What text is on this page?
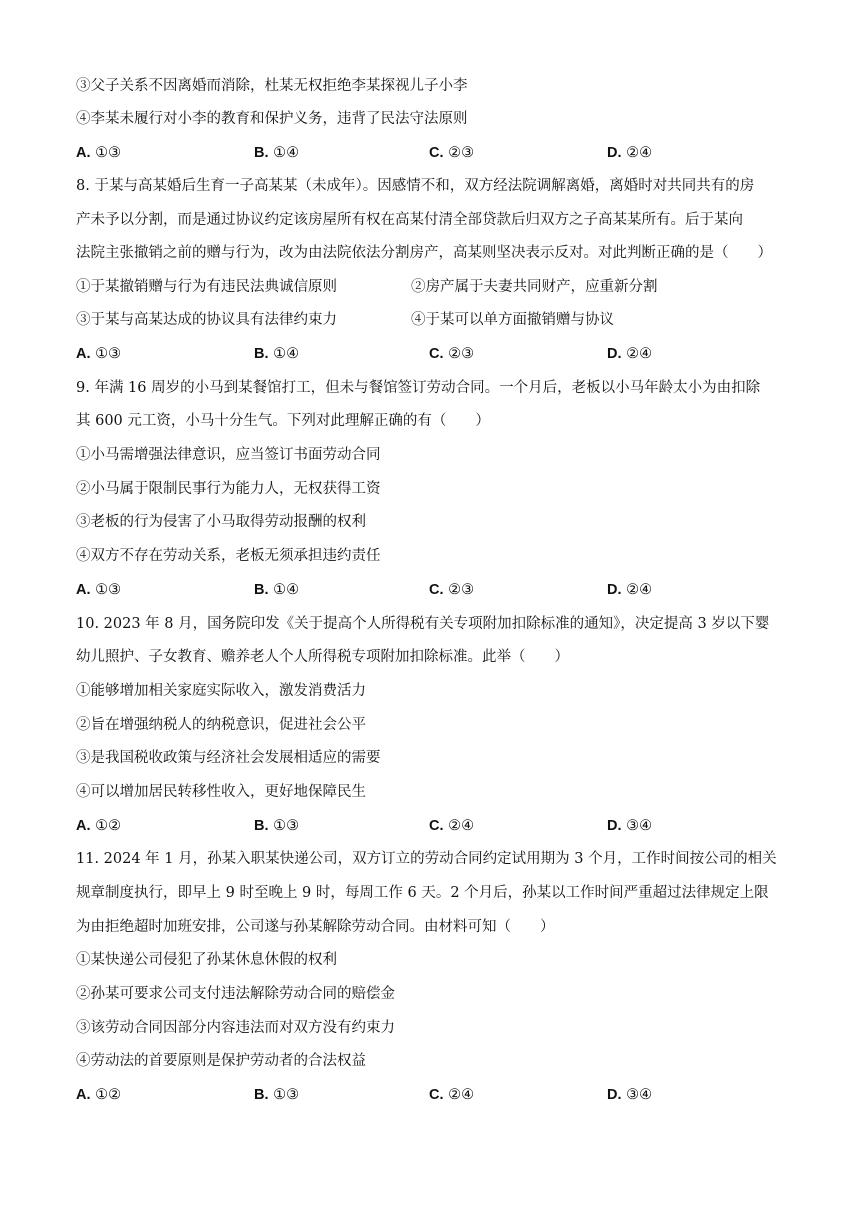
③父子关系不因离婚而消除，杜某无权拒绝李某探视儿子小李
④李某未履行对小李的教育和保护义务，违背了民法守法原则
A. ①③	B. ①④	C. ②③	D. ②④
8. 于某与高某婚后生育一子高某某（未成年）。因感情不和，双方经法院调解离婚，离婚时对共同共有的房
产未予以分割，而是通过协议约定该房屋所有权在高某付清全部贷款后归双方之子高某某所有。后于某向
法院主张撤销之前的赠与行为，改为由法院依法分割房产，高某则坚决表示反对。对此判断正确的是（　　）
①于某撤销赠与行为有违民法典诚信原则	②房产属于夫妻共同财产，应重新分割
③于某与高某达成的协议具有法律约束力	④于某可以单方面撤销赠与协议
A. ①③	B. ①④	C. ②③	D. ②④
9. 年满 16 周岁的小马到某餐馆打工，但未与餐馆签订劳动合同。一个月后，老板以小马年龄太小为由扣除
其 600 元工资，小马十分生气。下列对此理解正确的有（　　）
①小马需增强法律意识，应当签订书面劳动合同
②小马属于限制民事行为能力人，无权获得工资
③老板的行为侵害了小马取得劳动报酬的权利
④双方不存在劳动关系，老板无须承担违约责任
A. ①③	B. ①④	C. ②③	D. ②④
10. 2023 年 8 月，国务院印发《关于提高个人所得税有关专项附加扣除标准的通知》，决定提高 3 岁以下婴
幼儿照护、子女教育、赡养老人个人所得税专项附加扣除标准。此举（　　）
①能够增加相关家庭实际收入，激发消费活力
②旨在增强纳税人的纳税意识，促进社会公平
③是我国税收政策与经济社会发展相适应的需要
④可以增加居民转移性收入，更好地保障民生
A. ①②	B. ①③	C. ②④	D. ③④
11. 2024 年 1 月，孙某入职某快递公司，双方订立的劳动合同约定试用期为 3 个月，工作时间按公司的相关
规章制度执行，即早上 9 时至晚上 9 时，每周工作 6 天。2 个月后，孙某以工作时间严重超过法律规定上限
为由拒绝超时加班安排，公司遂与孙某解除劳动合同。由材料可知（　　）
①某快递公司侵犯了孙某休息休假的权利
②孙某可要求公司支付违法解除劳动合同的赔偿金
③该劳动合同因部分内容违法而对双方没有约束力
④劳动法的首要原则是保护劳动者的合法权益
A. ①②	B. ①③	C. ②④	D. ③④
